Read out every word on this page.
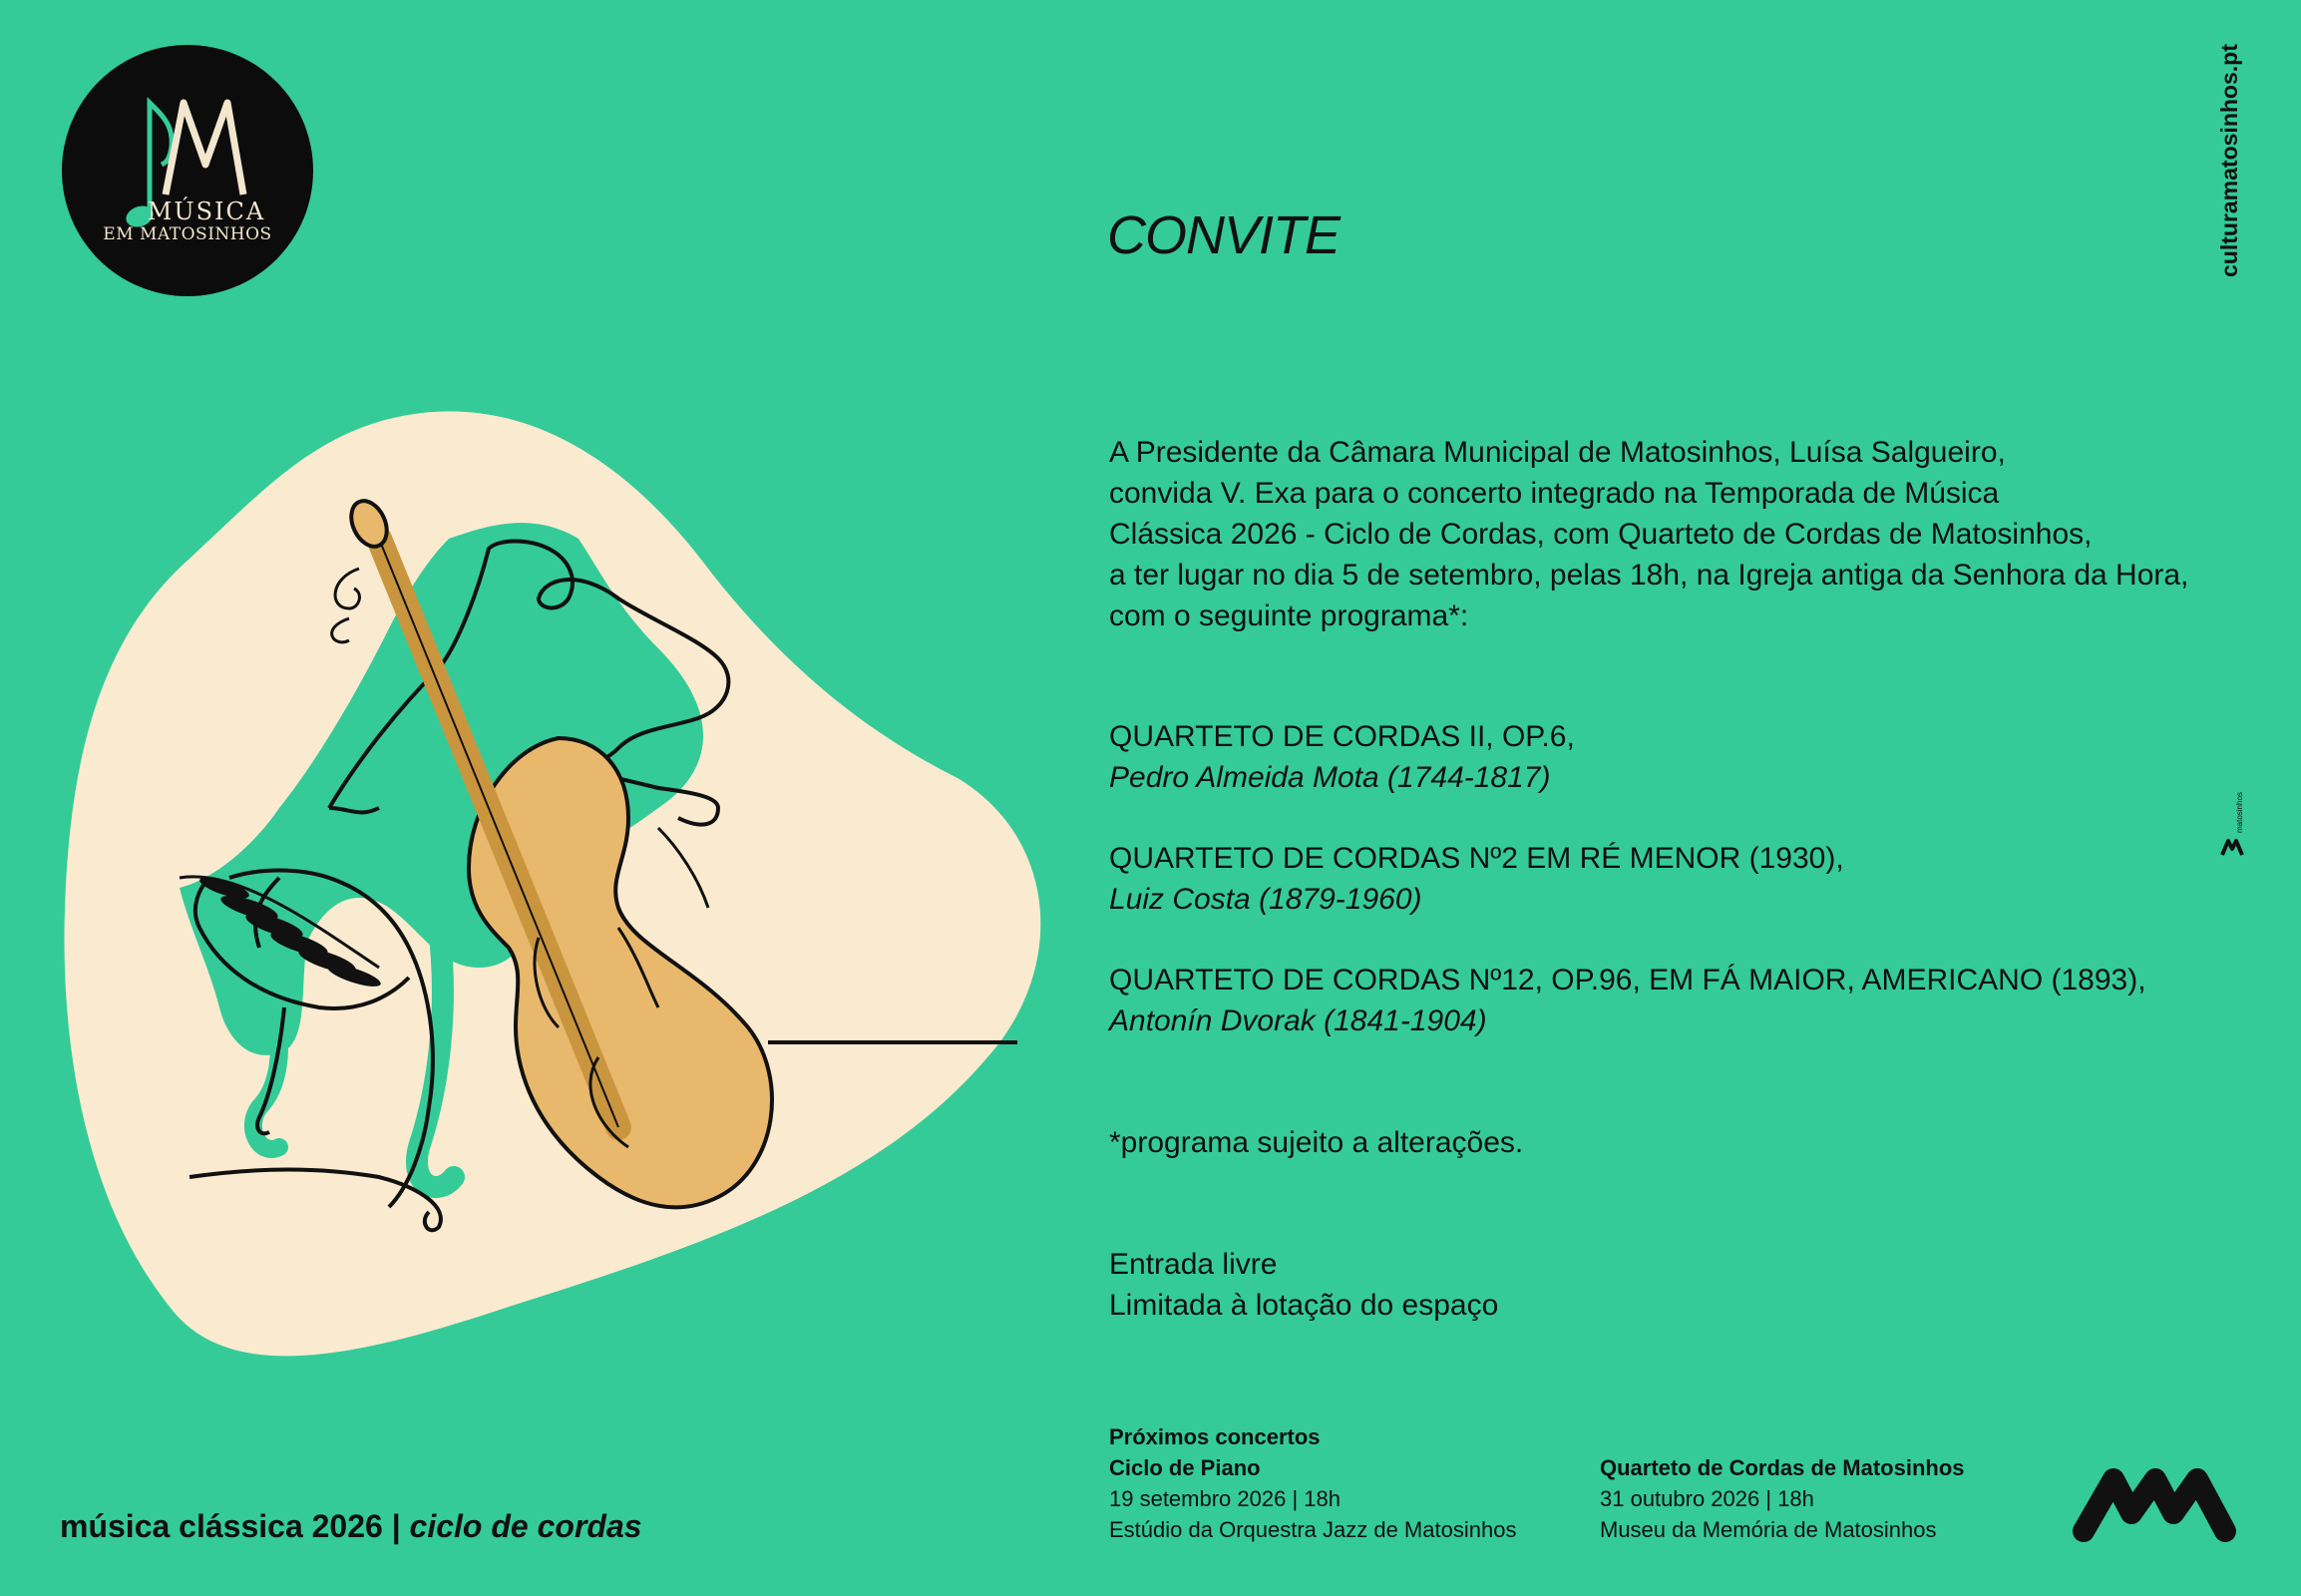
MÚSICA
EM MATOSINHOS	culturamatosinhos.pt
matosinhos
CONVITE
A Presidente da Câmara Municipal de Matosinhos, Luísa Salgueiro,
convida V. Exa para o concerto integrado na Temporada de Música
Clássica 2026 - Ciclo de Cordas, com Quarteto de Cordas de Matosinhos,
a ter lugar no dia 5 de setembro, pelas 18h, na Igreja antiga da Senhora da Hora,
com o seguinte programa*:
QUARTETO DE CORDAS II, OP.6,
Pedro Almeida Mota (1744-1817)
QUARTETO DE CORDAS Nº2 EM RÉ MENOR (1930),
Luiz Costa (1879-1960)
QUARTETO DE CORDAS Nº12, OP.96, EM FÁ MAIOR, AMERICANO (1893),
Antonín Dvorak (1841-1904)
*programa sujeito a alterações.
Entrada livre
Limitada à lotação do espaço
música clássica 2026 | ciclo de cordas
Próximos concertos
Ciclo de Piano
19 setembro 2026 | 18h
Estúdio da Orquestra Jazz de Matosinhos
Quarteto de Cordas de Matosinhos
31 outubro 2026 | 18h
Museu da Memória de Matosinhos
